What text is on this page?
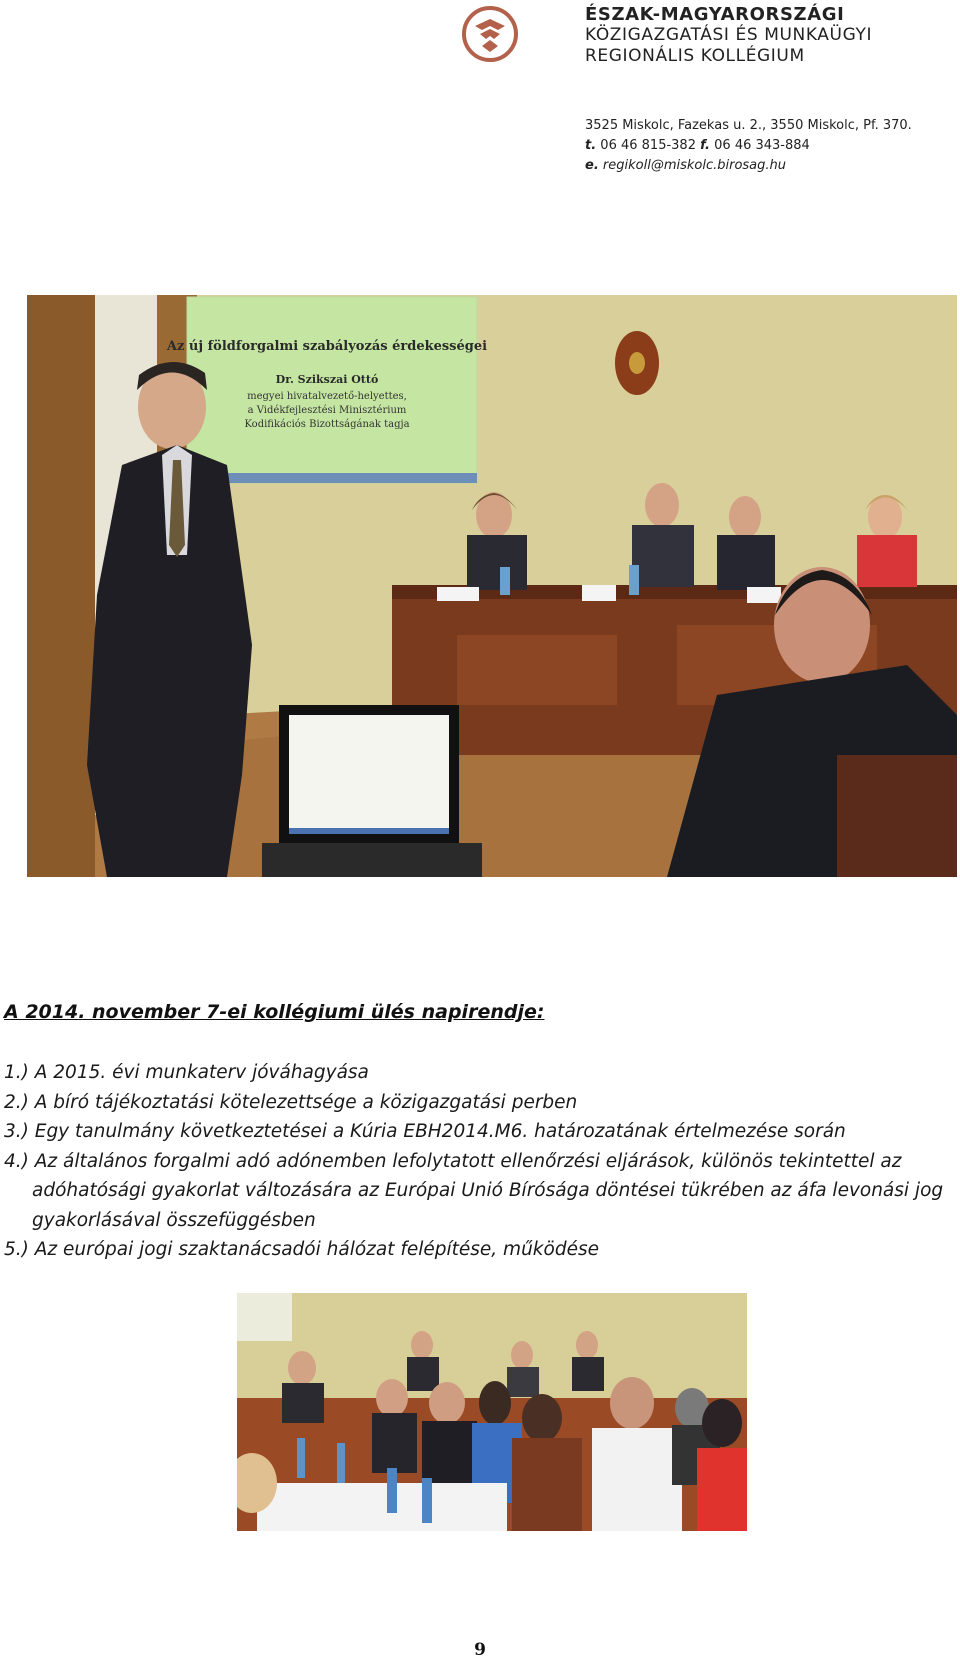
ÉSZAK-MAGYARORSZÁGI
KÖZIGAZGATÁSI ÉS MUNKAÜGYI
REGIONÁLIS KOLLÉGIUM
3525 Miskolc, Fazekas u. 2., 3550 Miskolc, Pf. 370.
t. 06 46 815-382 f. 06 46 343-884
e. regikoll@miskolc.birosag.hu
Az új földforgalmi szabályozás érdekességei
Dr. Szikszai Ottó
megyei hivatalvezető-helyettes,
a Vidékfejlesztési Minisztérium
Kodifikációs Bizottságának tagja
A 2014. november 7-ei kollégiumi ülés napirendje:
1.) A 2015. évi munkaterv jóváhagyása
2.) A bíró tájékoztatási kötelezettsége a közigazgatási perben
3.) Egy tanulmány következtetései a Kúria EBH2014.M6. határozatának értelmezése során
4.) Az általános forgalmi adó adónemben lefolytatott ellenőrzési eljárások, különös tekintettel az adóhatósági gyakorlat változására az Európai Unió Bírósága döntései tükrében az áfa levonási jog gyakorlásával összefüggésben
5.) Az európai jogi szaktanácsadói hálózat felépítése, működése
9
